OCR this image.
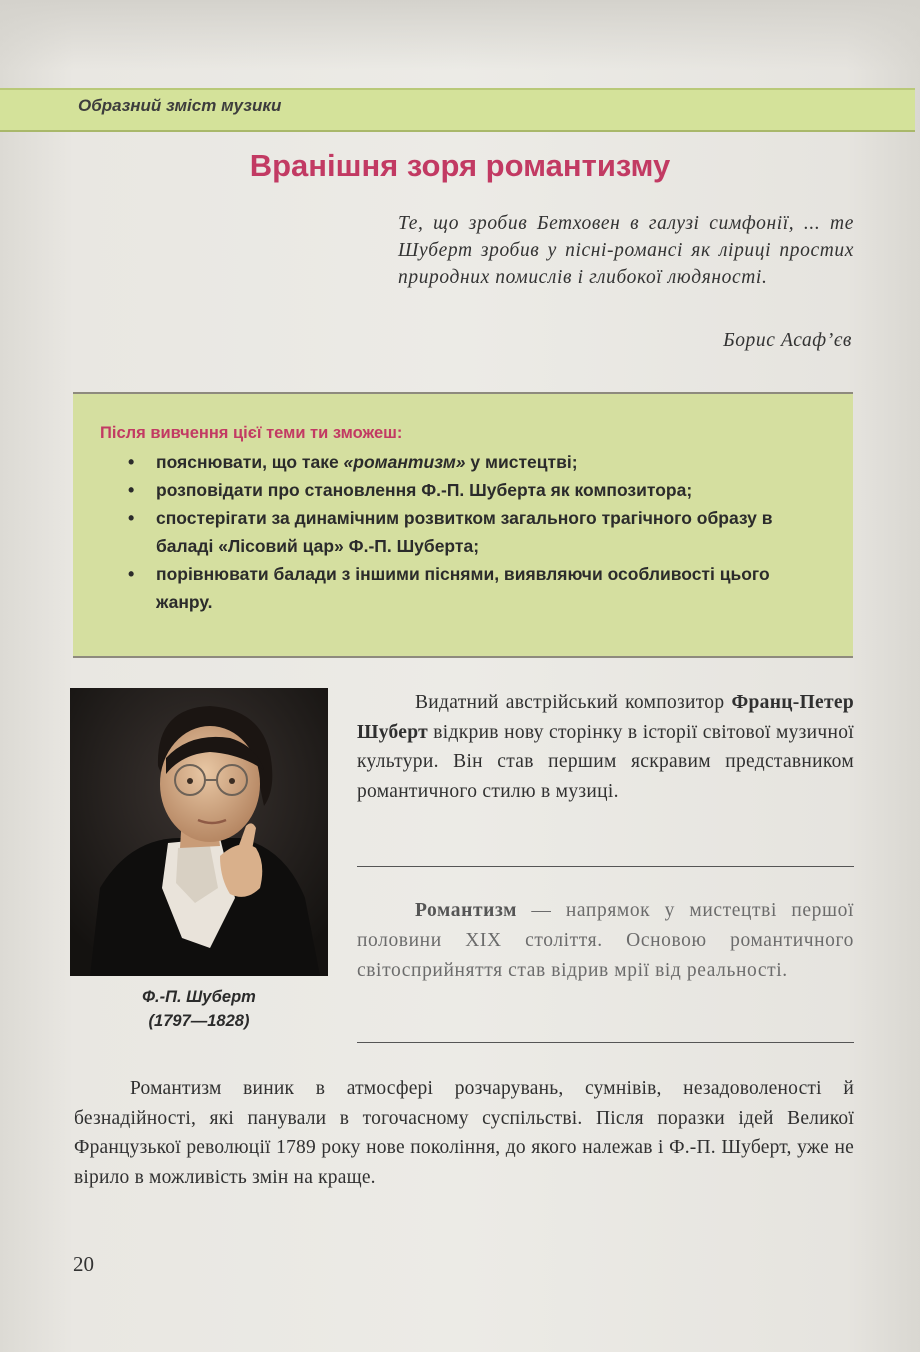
Образний зміст музики
Вранішня зоря романтизму
Те, що зробив Бетховен в галузі симфонії, ... те Шуберт зробив у пісні-романсі як ліриці простих природних помислів і глибокої людяності.
Борис Асаф’єв
Після вивчення цієї теми ти зможеш:
• пояснювати, що таке «романтизм» у мистецтві;
• розповідати про становлення Ф.-П. Шуберта як композитора;
• спостерігати за динамічним розвитком загального трагічного образу в баладі «Лісовий цар» Ф.-П. Шуберта;
• порівнювати балади з іншими піснями, виявляючи особливості цього жанру.
Ф.-П. Шуберт
(1797—1828)

Видатний австрійський композитор Франц-Петер Шуберт відкрив нову сторінку в історії світової музичної культури. Він став першим яскравим представником романтичного стилю в музиці.

Романтизм — напрямок у мистецтві першої половини XIX століття. Основою романтичного світосприйняття став відрив мрії від реальності.

Романтизм виник в атмосфері розчарувань, сумнівів, незадоволеності й безнадійності, які панували в тогочасному суспільстві. Після поразки ідей Великої Французької революції 1789 року нове покоління, до якого належав і Ф.-П. Шуберт, уже не вірило в можливість змін на краще.

20
